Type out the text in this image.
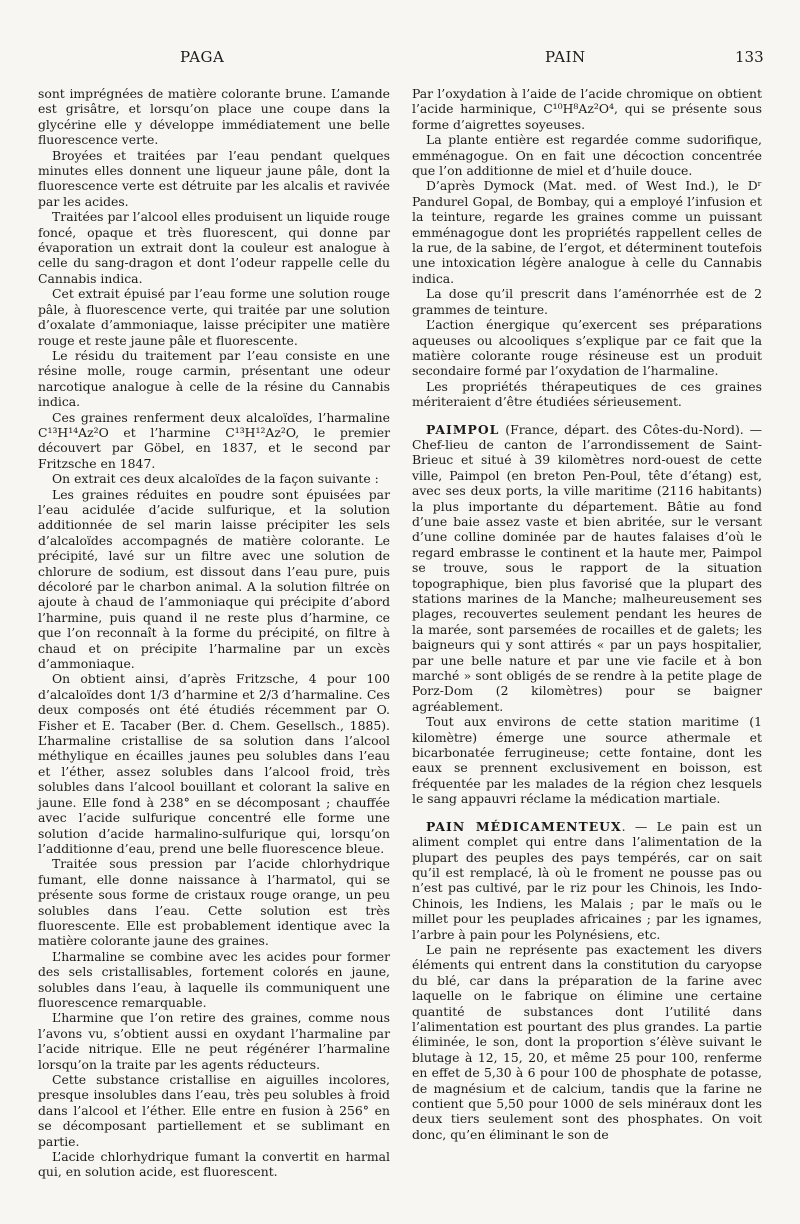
PAGA	PAIN	133

sont imprégnées de matière colorante brune. L’amande est grisâtre, et lorsqu’on place une coupe dans la glycérine elle y développe immédiatement une belle fluorescence verte.

Broyées et traitées par l’eau pendant quelques minutes elles donnent une liqueur jaune pâle, dont la fluorescence verte est détruite par les alcalis et ravivée par les acides.

Traitées par l’alcool elles produisent un liquide rouge foncé, opaque et très fluorescent, qui donne par évaporation un extrait dont la couleur est analogue à celle du sang-dragon et dont l’odeur rappelle celle du Cannabis indica.

Cet extrait épuisé par l’eau forme une solution rouge pâle, à fluorescence verte, qui traitée par une solution d’oxalate d’ammoniaque, laisse précipiter une matière rouge et reste jaune pâle et fluorescente.

Le résidu du traitement par l’eau consiste en une résine molle, rouge carmin, présentant une odeur narcotique analogue à celle de la résine du Cannabis indica.

Ces graines renferment deux alcaloïdes, l’harmaline C¹³H¹⁴Az²O et l’harmine C¹³H¹²Az²O, le premier découvert par Göbel, en 1837, et le second par Fritzsche en 1847.

On extrait ces deux alcaloïdes de la façon suivante :

Les graines réduites en poudre sont épuisées par l’eau acidulée d’acide sulfurique, et la solution additionnée de sel marin laisse précipiter les sels d’alcaloïdes accompagnés de matière colorante. Le précipité, lavé sur un filtre avec une solution de chlorure de sodium, est dissout dans l’eau pure, puis décoloré par le charbon animal. A la solution filtrée on ajoute à chaud de l’ammoniaque qui précipite d’abord l’harmine, puis quand il ne reste plus d’harmine, ce que l’on reconnaît à la forme du précipité, on filtre à chaud et on précipite l’harmaline par un excès d’ammoniaque.

On obtient ainsi, d’après Fritzsche, 4 pour 100 d’alcaloïdes dont 1/3 d’harmine et 2/3 d’harmaline. Ces deux composés ont été étudiés récemment par O. Fisher et E. Tacaber (Ber. d. Chem. Gesellsch., 1885). L’harmaline cristallise de sa solution dans l’alcool méthylique en écailles jaunes peu solubles dans l’eau et l’éther, assez solubles dans l’alcool froid, très solubles dans l’alcool bouillant et colorant la salive en jaune. Elle fond à 238° en se décomposant ; chauffée avec l’acide sulfurique concentré elle forme une solution d’acide harmalino-sulfurique qui, lorsqu’on l’additionne d’eau, prend une belle fluorescence bleue.

Traitée sous pression par l’acide chlorhydrique fumant, elle donne naissance à l’harmatol, qui se présente sous forme de cristaux rouge orange, un peu solubles dans l’eau. Cette solution est très fluorescente. Elle est probablement identique avec la matière colorante jaune des graines.

L’harmaline se combine avec les acides pour former des sels cristallisables, fortement colorés en jaune, solubles dans l’eau, à laquelle ils communiquent une fluorescence remarquable.

L’harmine que l’on retire des graines, comme nous l’avons vu, s’obtient aussi en oxydant l’harmaline par l’acide nitrique. Elle ne peut régénérer l’harmaline lorsqu’on la traite par les agents réducteurs.

Cette substance cristallise en aiguilles incolores, presque insolubles dans l’eau, très peu solubles à froid dans l’alcool et l’éther. Elle entre en fusion à 256° en se décomposant partiellement et se sublimant en partie.

L’acide chlorhydrique fumant la convertit en harmal qui, en solution acide, est fluorescent.

Par l’oxydation à l’aide de l’acide chromique on obtient l’acide harminique, C¹⁰H⁸Az²O⁴, qui se présente sous forme d’aigrettes soyeuses.

La plante entière est regardée comme sudorifique, emménagogue. On en fait une décoction concentrée que l’on additionne de miel et d’huile douce.

D’après Dymock (Mat. med. of West Ind.), le Dʳ Pandurel Gopal, de Bombay, qui a employé l’infusion et la teinture, regarde les graines comme un puissant emménagogue dont les propriétés rappellent celles de la rue, de la sabine, de l’ergot, et déterminent toutefois une intoxication légère analogue à celle du Cannabis indica.

La dose qu’il prescrit dans l’aménorrhée est de 2 grammes de teinture.

L’action énergique qu’exercent ses préparations aqueuses ou alcooliques s’explique par ce fait que la matière colorante rouge résineuse est un produit secondaire formé par l’oxydation de l’harmaline.

Les propriétés thérapeutiques de ces graines mériteraient d’être étudiées sérieusement.

PAIMPOL (France, départ. des Côtes-du-Nord). — Chef-lieu de canton de l’arrondissement de Saint-Brieuc et situé à 39 kilomètres nord-ouest de cette ville, Paimpol (en breton Pen-Poul, tête d’étang) est, avec ses deux ports, la ville maritime (2116 habitants) la plus importante du département. Bâtie au fond d’une baie assez vaste et bien abritée, sur le versant d’une colline dominée par de hautes falaises d’où le regard embrasse le continent et la haute mer, Paimpol se trouve, sous le rapport de la situation topographique, bien plus favorisé que la plupart des stations marines de la Manche; malheureusement ses plages, recouvertes seulement pendant les heures de la marée, sont parsemées de rocailles et de galets; les baigneurs qui y sont attirés « par un pays hospitalier, par une belle nature et par une vie facile et à bon marché » sont obligés de se rendre à la petite plage de Porz-Dom (2 kilomètres) pour se baigner agréablement.

Tout aux environs de cette station maritime (1 kilomètre) émerge une source athermale et bicarbonatée ferrugineuse; cette fontaine, dont les eaux se prennent exclusivement en boisson, est fréquentée par les malades de la région chez lesquels le sang appauvri réclame la médication martiale.

PAIN MÉDICAMENTEUX. — Le pain est un aliment complet qui entre dans l’alimentation de la plupart des peuples des pays tempérés, car on sait qu’il est remplacé, là où le froment ne pousse pas ou n’est pas cultivé, par le riz pour les Chinois, les Indo-Chinois, les Indiens, les Malais ; par le maïs ou le millet pour les peuplades africaines ; par les ignames, l’arbre à pain pour les Polynésiens, etc.

Le pain ne représente pas exactement les divers éléments qui entrent dans la constitution du caryopse du blé, car dans la préparation de la farine avec laquelle on le fabrique on élimine une certaine quantité de substances dont l’utilité dans l’alimentation est pourtant des plus grandes. La partie éliminée, le son, dont la proportion s’élève suivant le blutage à 12, 15, 20, et même 25 pour 100, renferme en effet de 5,30 à 6 pour 100 de phosphate de potasse, de magnésium et de calcium, tandis que la farine ne contient que 5,50 pour 1000 de sels minéraux dont les deux tiers seulement sont des phosphates. On voit donc, qu’en éliminant le son de
